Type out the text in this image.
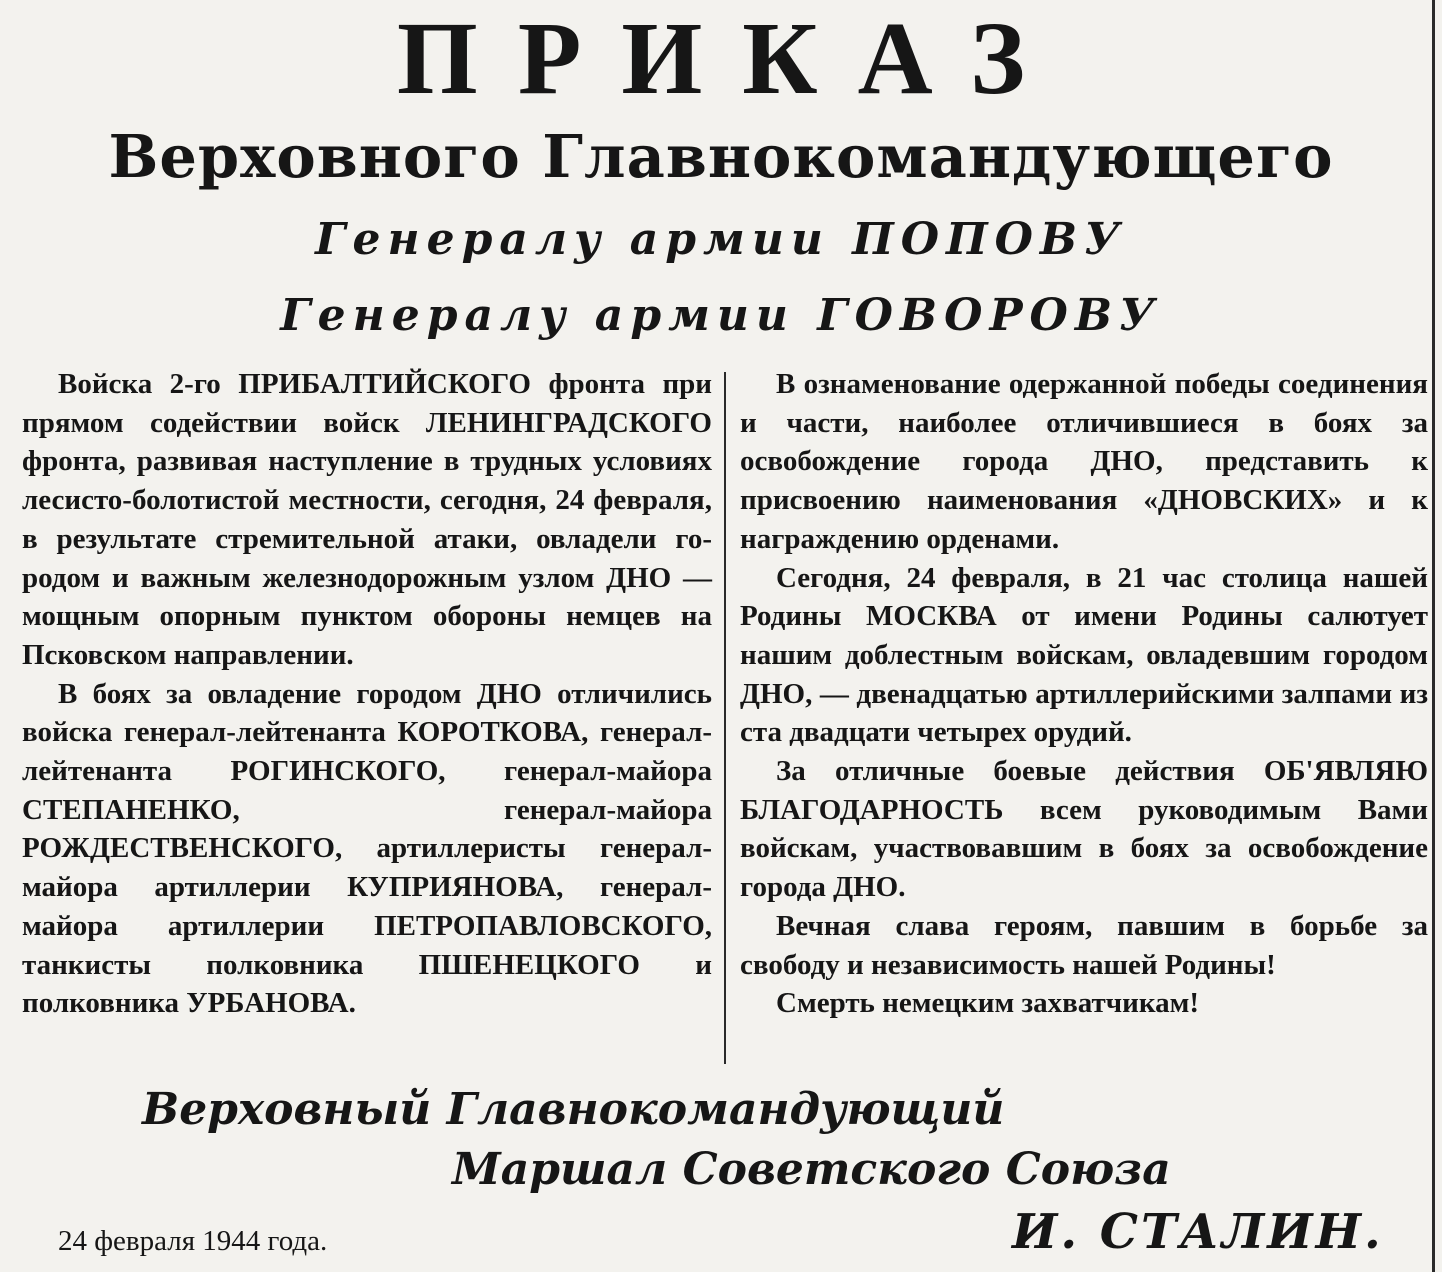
ПРИКАЗ
Верховного Главнокомандующего
Генералу армии ПОПОВУ
Генералу армии ГОВОРОВУ

Войска 2-го ПРИБАЛТИЙСКОГО фронта при прямом содействии войск ЛЕНИНГРАДСКОГО фронта, развивая наступление в трудных условиях лесисто-болотистой местности, сегодня, 24 февраля, в результате стремительной атаки, овладели городом и важным железнодорожным узлом ДНО — мощным опорным пунктом обороны немцев на Псковском направлении.

В боях за овладение городом ДНО отличились войска генерал-лейтенанта КОРОТКОВА, генерал-лейтенанта РОГИНСКОГО, генерал-майора СТЕПАНЕНКО, генерал-майора РОЖДЕСТВЕНСКОГО, артиллеристы генерал-майора артиллерии КУПРИЯНОВА, генерал-майора артиллерии ПЕТРОПАВЛОВСКОГО, танкисты полковника ПШЕНЕЦКОГО и полковника УРБАНОВА.

В ознаменование одержанной победы соединения и части, наиболее отличившиеся в боях за освобождение города ДНО, представить к присвоению наименования «ДНОВСКИХ» и к награждению орденами.

Сегодня, 24 февраля, в 21 час столица нашей Родины МОСКВА от имени Родины салютует нашим доблестным войскам, овладевшим городом ДНО, — двенадцатью артиллерийскими залпами из ста двадцати четырех орудий.

За отличные боевые действия ОБ'ЯВЛЯЮ БЛАГОДАРНОСТЬ всем руководимым Вами войскам, участвовавшим в боях за освобождение города ДНО.

Вечная слава героям, павшим в борьбе за свободу и независимость нашей Родины!

Смерть немецким захватчикам!

Верховный Главнокомандующий
Маршал Советского Союза
И. СТАЛИН.
24 февраля 1944 года.
